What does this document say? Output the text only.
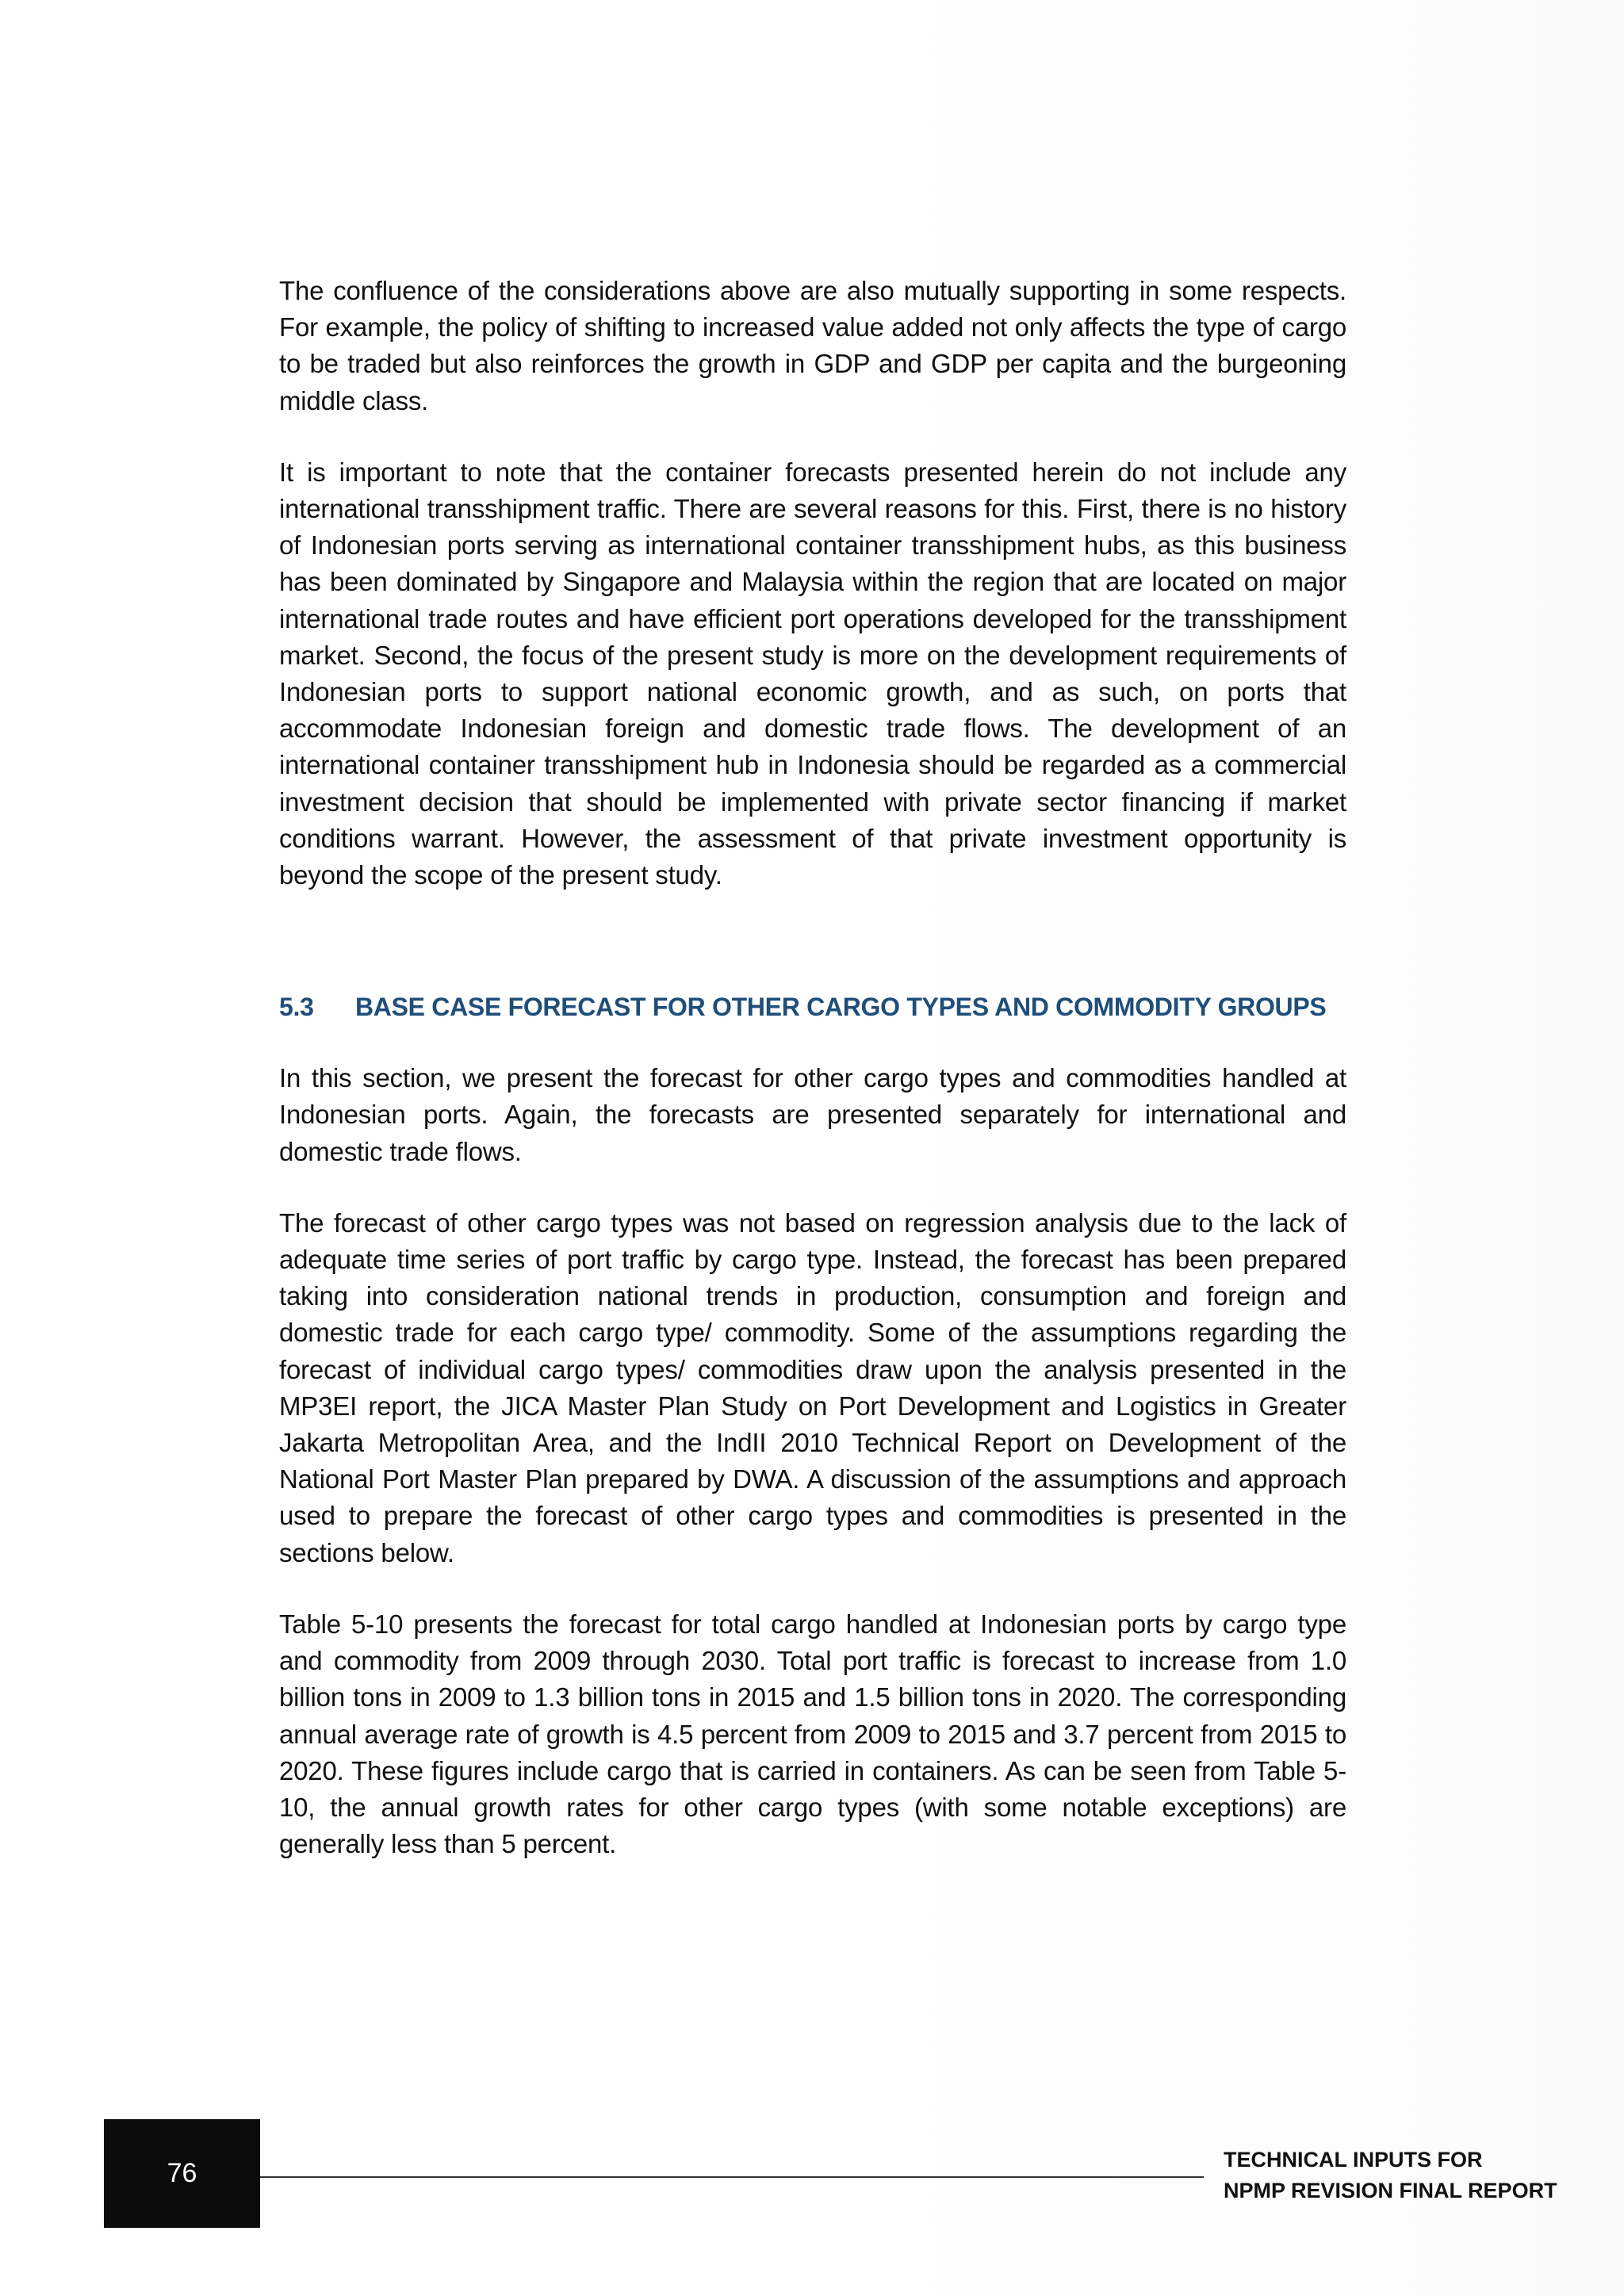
The confluence of the considerations above are also mutually supporting in some respects. For example, the policy of shifting to increased value added not only affects the type of cargo to be traded but also reinforces the growth in GDP and GDP per capita and the burgeoning middle class.

It is important to note that the container forecasts presented herein do not include any international transshipment traffic. There are several reasons for this. First, there is no history of Indonesian ports serving as international container transshipment hubs, as this business has been dominated by Singapore and Malaysia within the region that are located on major international trade routes and have efficient port operations developed for the transshipment market. Second, the focus of the present study is more on the development requirements of Indonesian ports to support national economic growth, and as such, on ports that accommodate Indonesian foreign and domestic trade flows. The development of an international container transshipment hub in Indonesia should be regarded as a commercial investment decision that should be implemented with private sector financing if market conditions warrant. However, the assessment of that private investment opportunity is beyond the scope of the present study.

5.3	BASE CASE FORECAST FOR OTHER CARGO TYPES AND COMMODITY GROUPS

In this section, we present the forecast for other cargo types and commodities handled at Indonesian ports. Again, the forecasts are presented separately for international and domestic trade flows.

The forecast of other cargo types was not based on regression analysis due to the lack of adequate time series of port traffic by cargo type. Instead, the forecast has been prepared taking into consideration national trends in production, consumption and foreign and domestic trade for each cargo type/ commodity. Some of the assumptions regarding the forecast of individual cargo types/ commodities draw upon the analysis presented in the MP3EI report, the JICA Master Plan Study on Port Development and Logistics in Greater Jakarta Metropolitan Area, and the IndII 2010 Technical Report on Development of the National Port Master Plan prepared by DWA. A discussion of the assumptions and approach used to prepare the forecast of other cargo types and commodities is presented in the sections below.

Table 5-10 presents the forecast for total cargo handled at Indonesian ports by cargo type and commodity from 2009 through 2030. Total port traffic is forecast to increase from 1.0 billion tons in 2009 to 1.3 billion tons in 2015 and 1.5 billion tons in 2020. The corresponding annual average rate of growth is 4.5 percent from 2009 to 2015 and 3.7 percent from 2015 to 2020. These figures include cargo that is carried in containers. As can be seen from Table 5-10, the annual growth rates for other cargo types (with some notable exceptions) are generally less than 5 percent.

76	TECHNICAL INPUTS FOR
NPMP REVISION FINAL REPORT
